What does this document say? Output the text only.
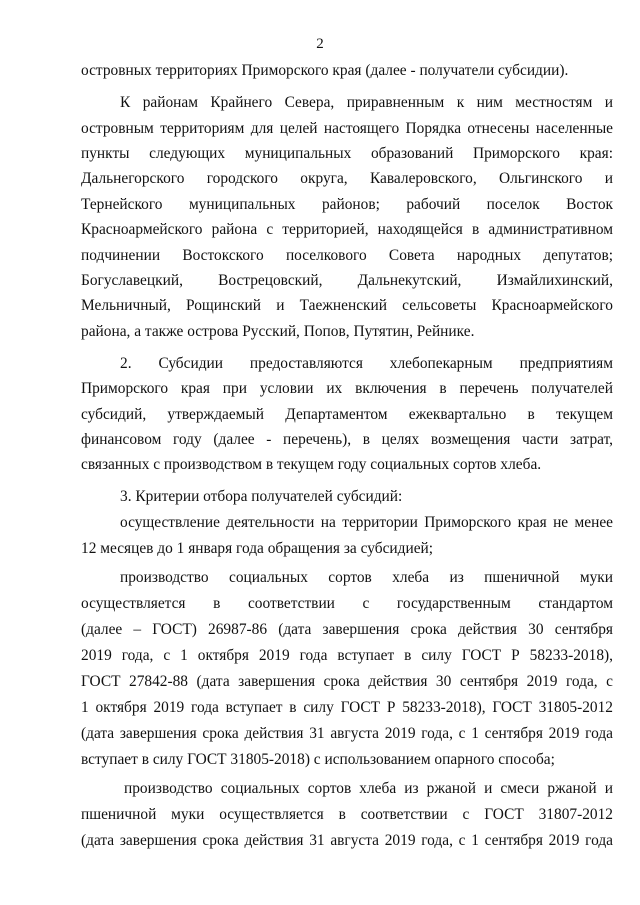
2
островных территориях Приморского края (далее - получатели субсидии).
К районам Крайнего Севера, приравненным к ним местностям и
островным территориям для целей настоящего Порядка отнесены населенные
пункты следующих муниципальных образований Приморского края:
Дальнегорского городского округа, Кавалеровского, Ольгинского и
Тернейского муниципальных районов; рабочий поселок Восток
Красноармейского района с территорией, находящейся в административном
подчинении Востокского поселкового Совета народных депутатов;
Богуславецкий, Вострецовский, Дальнекутский, Измайлихинский,
Мельничный, Рощинский и Таежненский сельсоветы Красноармейского
района, а также острова Русский, Попов, Путятин, Рейнике.
2. Субсидии предоставляются хлебопекарным предприятиям
Приморского края при условии их включения в перечень получателей
субсидий, утверждаемый Департаментом ежеквартально в текущем
финансовом году (далее - перечень), в целях возмещения части затрат,
связанных с производством в текущем году социальных сортов хлеба.
3. Критерии отбора получателей субсидий:
осуществление деятельности на территории Приморского края не менее
12 месяцев до 1 января года обращения за субсидией;
производство социальных сортов хлеба из пшеничной муки
осуществляется в соответствии с государственным стандартом
(далее – ГОСТ) 26987-86 (дата завершения срока действия 30 сентября
2019 года, с 1 октября 2019 года вступает в силу ГОСТ Р 58233-2018),
ГОСТ 27842-88 (дата завершения срока действия 30 сентября 2019 года, с
1 октября 2019 года вступает в силу ГОСТ Р 58233-2018), ГОСТ 31805-2012
(дата завершения срока действия 31 августа 2019 года, с 1 сентября 2019 года
вступает в силу ГОСТ 31805-2018) с использованием опарного способа;
производство социальных сортов хлеба из ржаной и смеси ржаной и
пшеничной муки осуществляется в соответствии с ГОСТ 31807-2012
(дата завершения срока действия 31 августа 2019 года, с 1 сентября 2019 года
